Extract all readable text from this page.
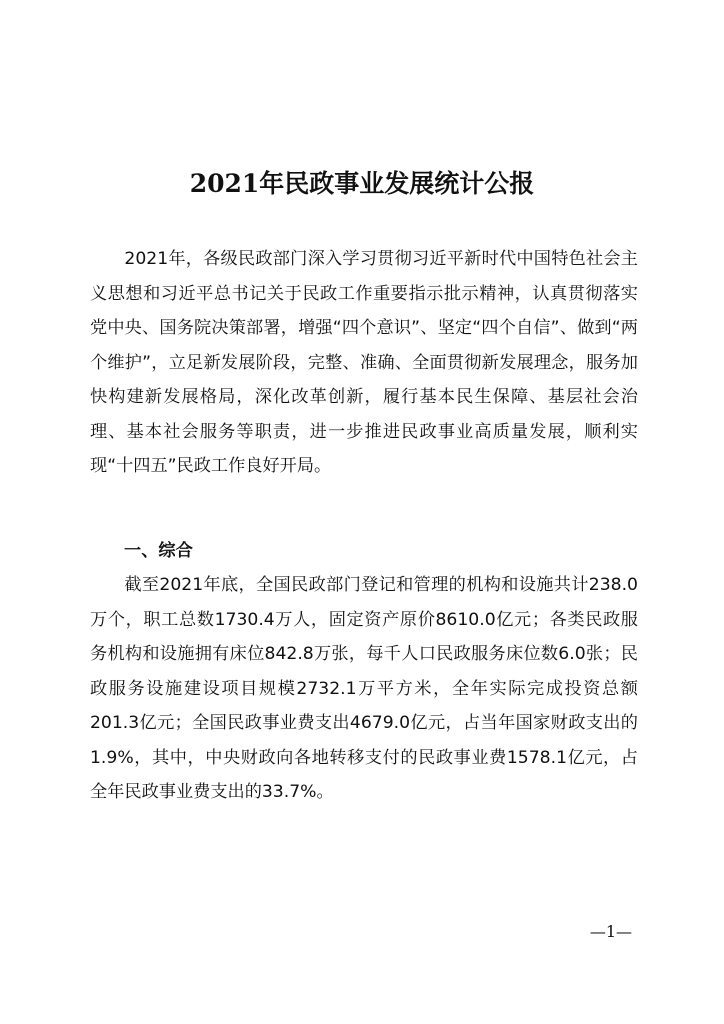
2021年民政事业发展统计公报

2021年，各级民政部门深入学习贯彻习近平新时代中国特色社会主义思想和习近平总书记关于民政工作重要指示批示精神，认真贯彻落实党中央、国务院决策部署，增强“四个意识”、坚定“四个自信”、做到“两个维护”，立足新发展阶段，完整、准确、全面贯彻新发展理念，服务加快构建新发展格局，深化改革创新，履行基本民生保障、基层社会治理、基本社会服务等职责，进一步推进民政事业高质量发展，顺利实现“十四五”民政工作良好开局。

一、综合

截至2021年底，全国民政部门登记和管理的机构和设施共计238.0万个，职工总数1730.4万人，固定资产原价8610.0亿元；各类民政服务机构和设施拥有床位842.8万张，每千人口民政服务床位数6.0张；民政服务设施建设项目规模2732.1万平方米，全年实际完成投资总额201.3亿元；全国民政事业费支出4679.0亿元，占当年国家财政支出的1.9%，其中，中央财政向各地转移支付的民政事业费1578.1亿元，占全年民政事业费支出的33.7%。

—1—
